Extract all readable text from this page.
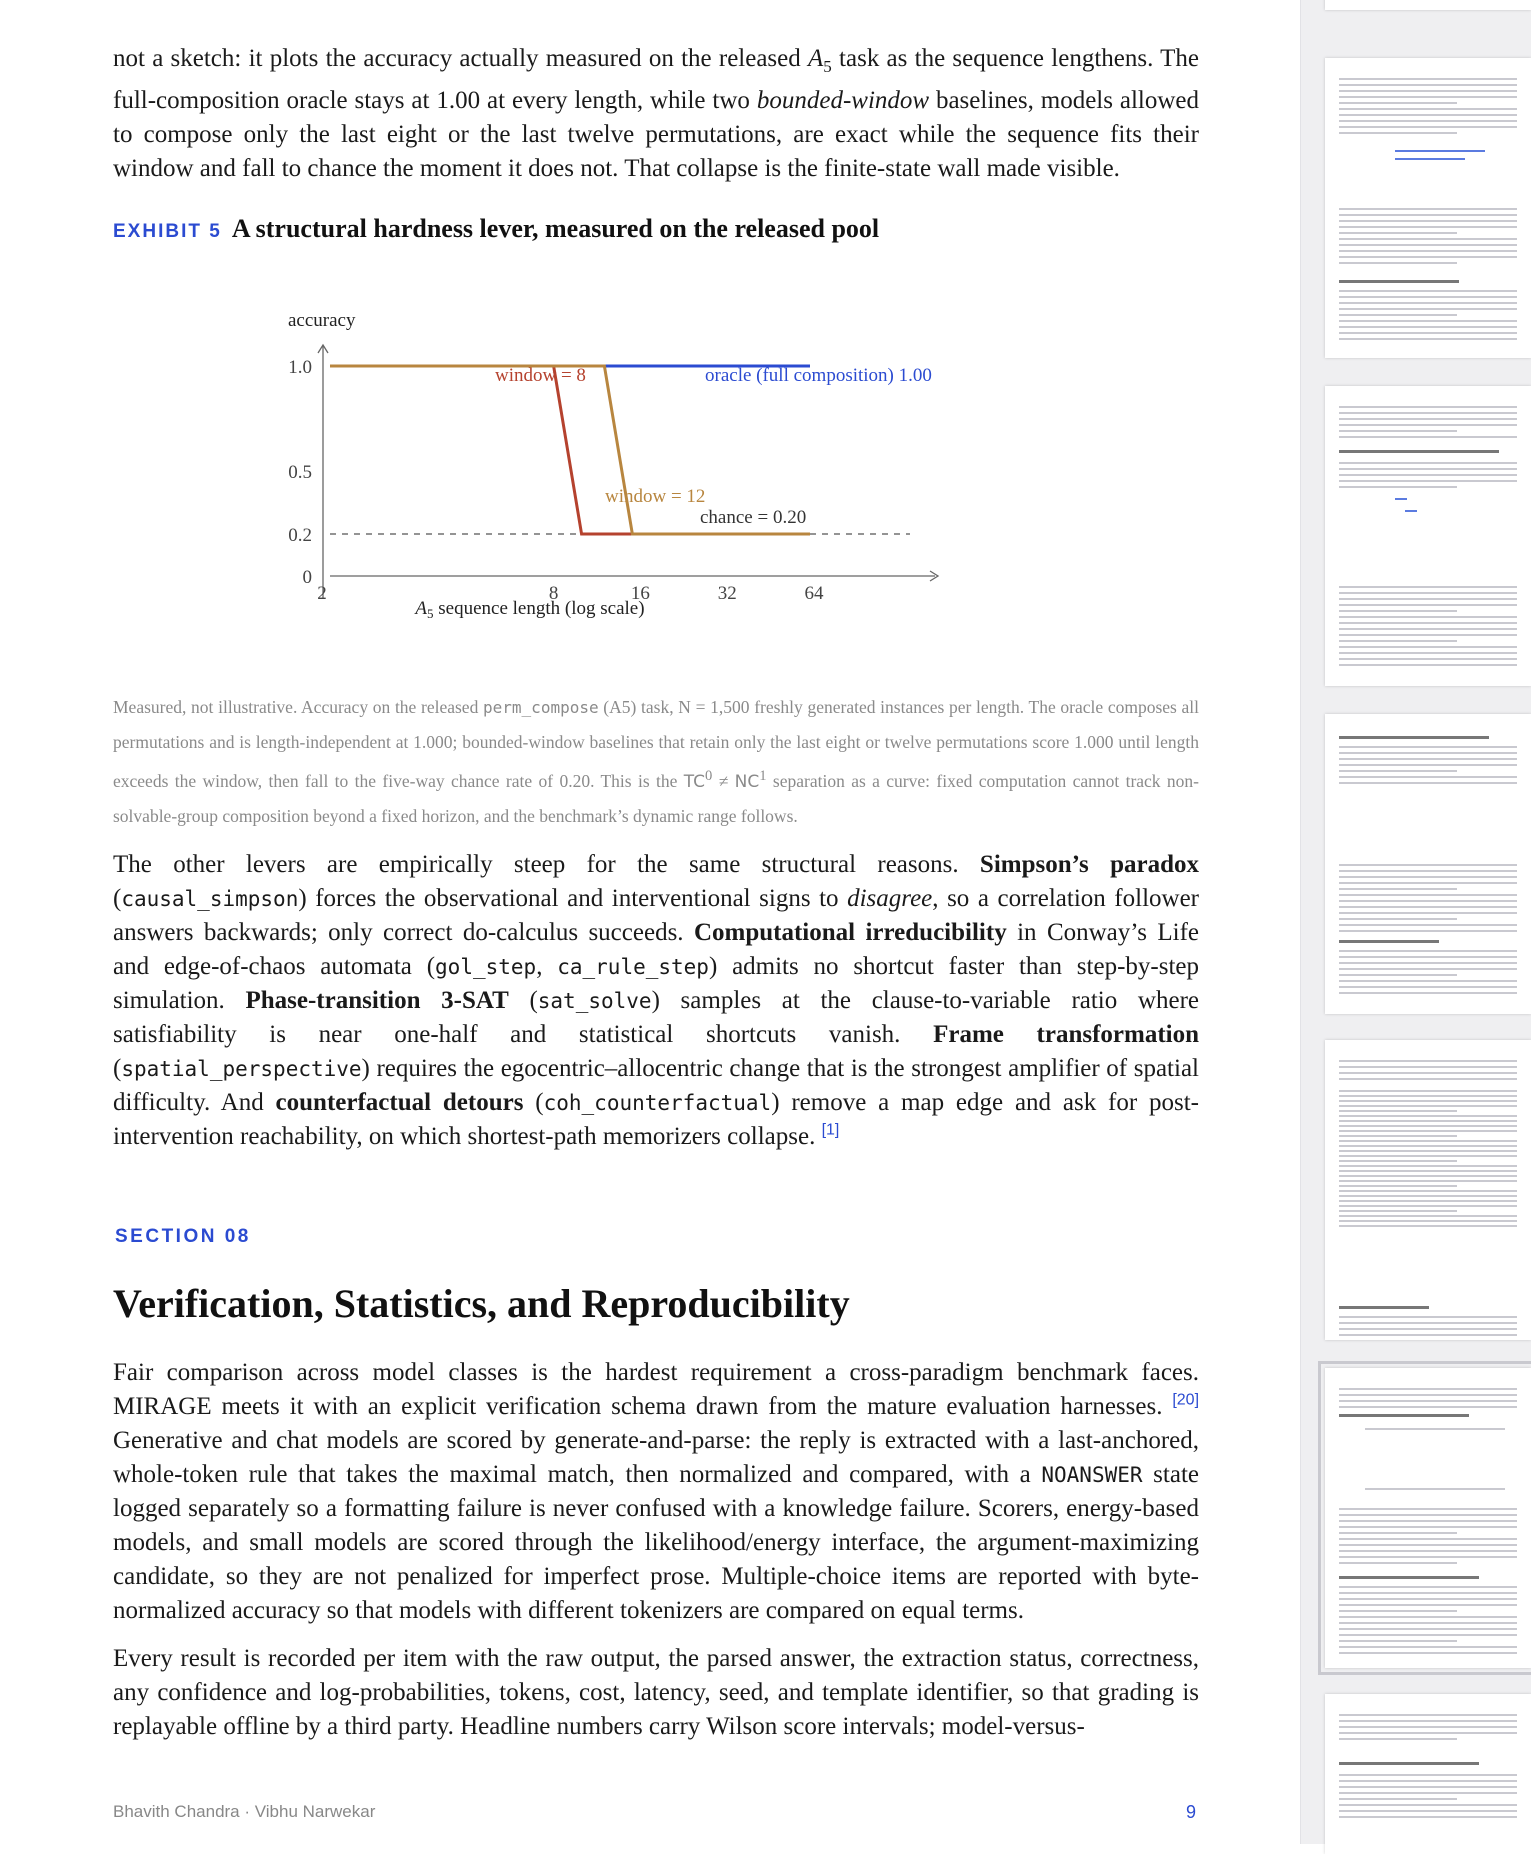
not a sketch: it plots the accuracy actually measured on the released $A_5$ task as the sequence lengthens. The full-composition oracle stays at 1.00 at every length, while two bounded-window baselines, models allowed to compose only the last eight or the last twelve permutations, are exact while the sequence fits their window and fall to chance the moment it does not. That collapse is the finite-state wall made visible.

EXHIBIT 5 A structural hardness lever, measured on the released pool
accuracy
0
0.2
0.5
1.0
2	8	16	32	64
$A_5$ sequence length (log scale)
chance = 0.20
oracle (full composition) 1.00
window = 8
window = 12

Measured, not illustrative. Accuracy on the released perm_compose (A5) task, N = 1,500 freshly generated instances per length. The oracle composes all permutations and is length-independent at 1.000; bounded-window baselines that retain only the last eight or twelve permutations score 1.000 until length exceeds the window, then fall to the five-way chance rate of 0.20. This is the $TC^0 \ne NC^1$ separation as a curve: fixed computation cannot track non-solvable-group composition beyond a fixed horizon, and the benchmark’s dynamic range follows.

The other levers are empirically steep for the same structural reasons. Simpson’s paradox (causal_simpson) forces the observational and interventional signs to disagree, so a correlation follower answers backwards; only correct do-calculus succeeds. Computational irreducibility in Conway’s Life and edge-of-chaos automata (gol_step, ca_rule_step) admits no shortcut faster than step-by-step simulation. Phase-transition 3-SAT (sat_solve) samples at the clause-to-variable ratio where satisfiability is near one-half and statistical shortcuts vanish. Frame transformation (spatial_perspective) requires the egocentric–allocentric change that is the strongest amplifier of spatial difficulty. And counterfactual detours (coh_counterfactual) remove a map edge and ask for post-intervention reachability, on which shortest-path memorizers collapse. [1]

SECTION 08
Verification, Statistics, and Reproducibility

Fair comparison across model classes is the hardest requirement a cross-paradigm benchmark faces. MIRAGE meets it with an explicit verification schema drawn from the mature evaluation harnesses. [20] Generative and chat models are scored by generate-and-parse: the reply is extracted with a last-anchored, whole-token rule that takes the maximal match, then normalized and compared, with a NOANSWER state logged separately so a formatting failure is never confused with a knowledge failure. Scorers, energy-based models, and small models are scored through the likelihood/energy interface, the argument-maximizing candidate, so they are not penalized for imperfect prose. Multiple-choice items are reported with byte-normalized accuracy so that models with different tokenizers are compared on equal terms.

Every result is recorded per item with the raw output, the parsed answer, the extraction status, correctness, any confidence and log-probabilities, tokens, cost, latency, seed, and template identifier, so that grading is replayable offline by a third party. Headline numbers carry Wilson score intervals; model-versus-

Bhavith Chandra · Vibhu Narwekar	9
